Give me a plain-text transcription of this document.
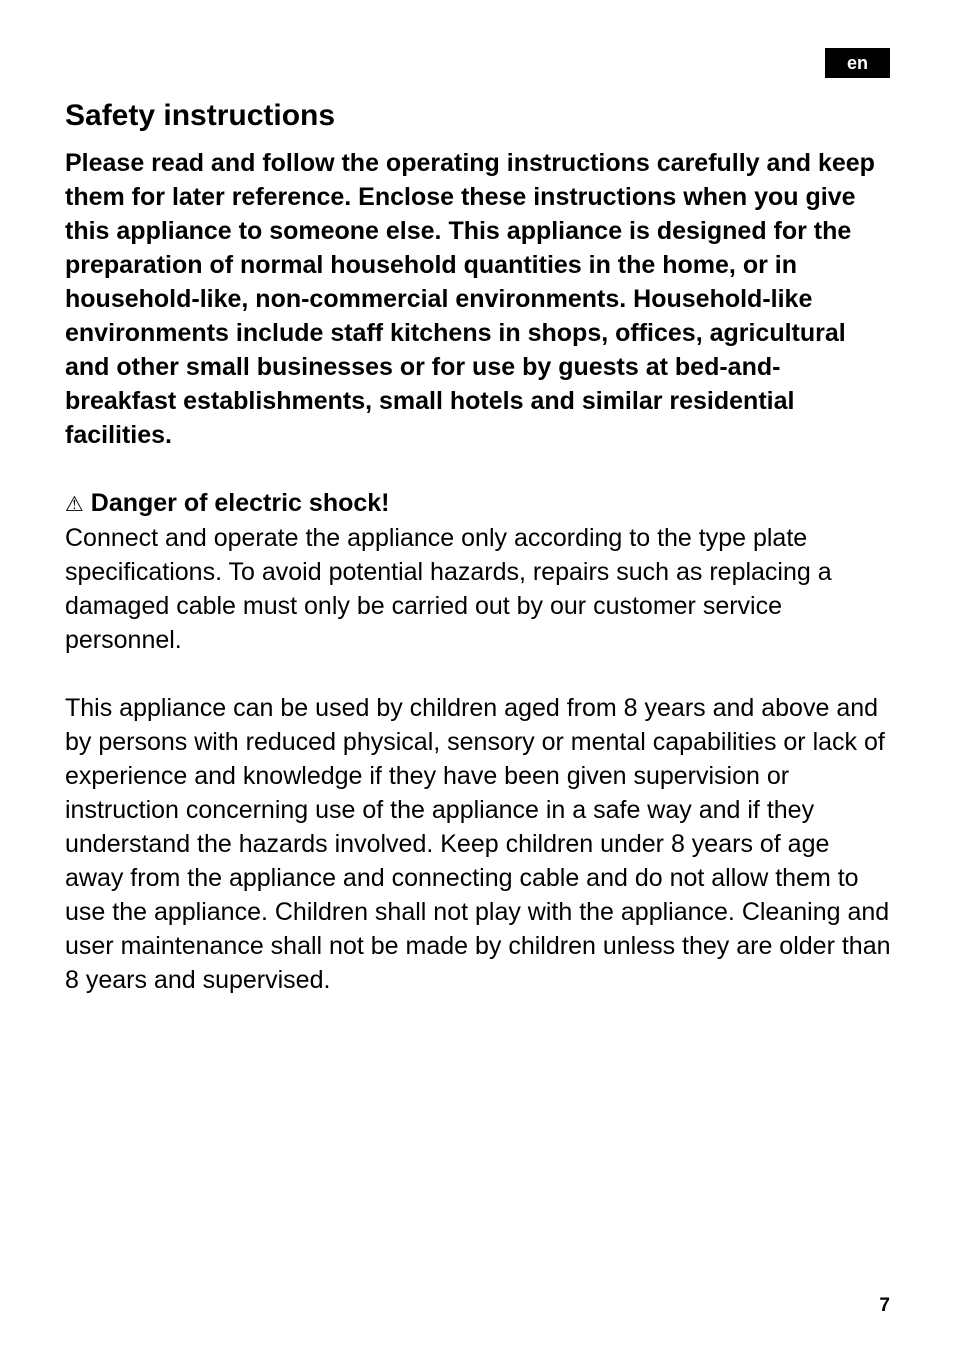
en
Safety instructions

Please read and follow the operating instructions carefully and keep them for later reference. Enclose these instructions when you give this appliance to someone else. This appliance is designed for the preparation of normal household quantities in the home, or in household-like, non-commercial environments. Household-like environments include staff kitchens in shops, offices, agricultural and other small businesses or for use by guests at bed-and-breakfast establishments, small hotels and similar residential facilities.

⚠ Danger of electric shock!

Connect and operate the appliance only according to the type plate specifications. To avoid potential hazards, repairs such as replacing a damaged cable must only be carried out by our customer service personnel.

This appliance can be used by children aged from 8 years and above and by persons with reduced physical, sensory or mental capabilities or lack of experience and knowledge if they have been given supervision or instruction concerning use of the appliance in a safe way and if they understand the hazards involved. Keep children under 8 years of age away from the appliance and connecting cable and do not allow them to use the appliance. Children shall not play with the appliance. Cleaning and user maintenance shall not be made by children unless they are older than 8 years and supervised.

7
